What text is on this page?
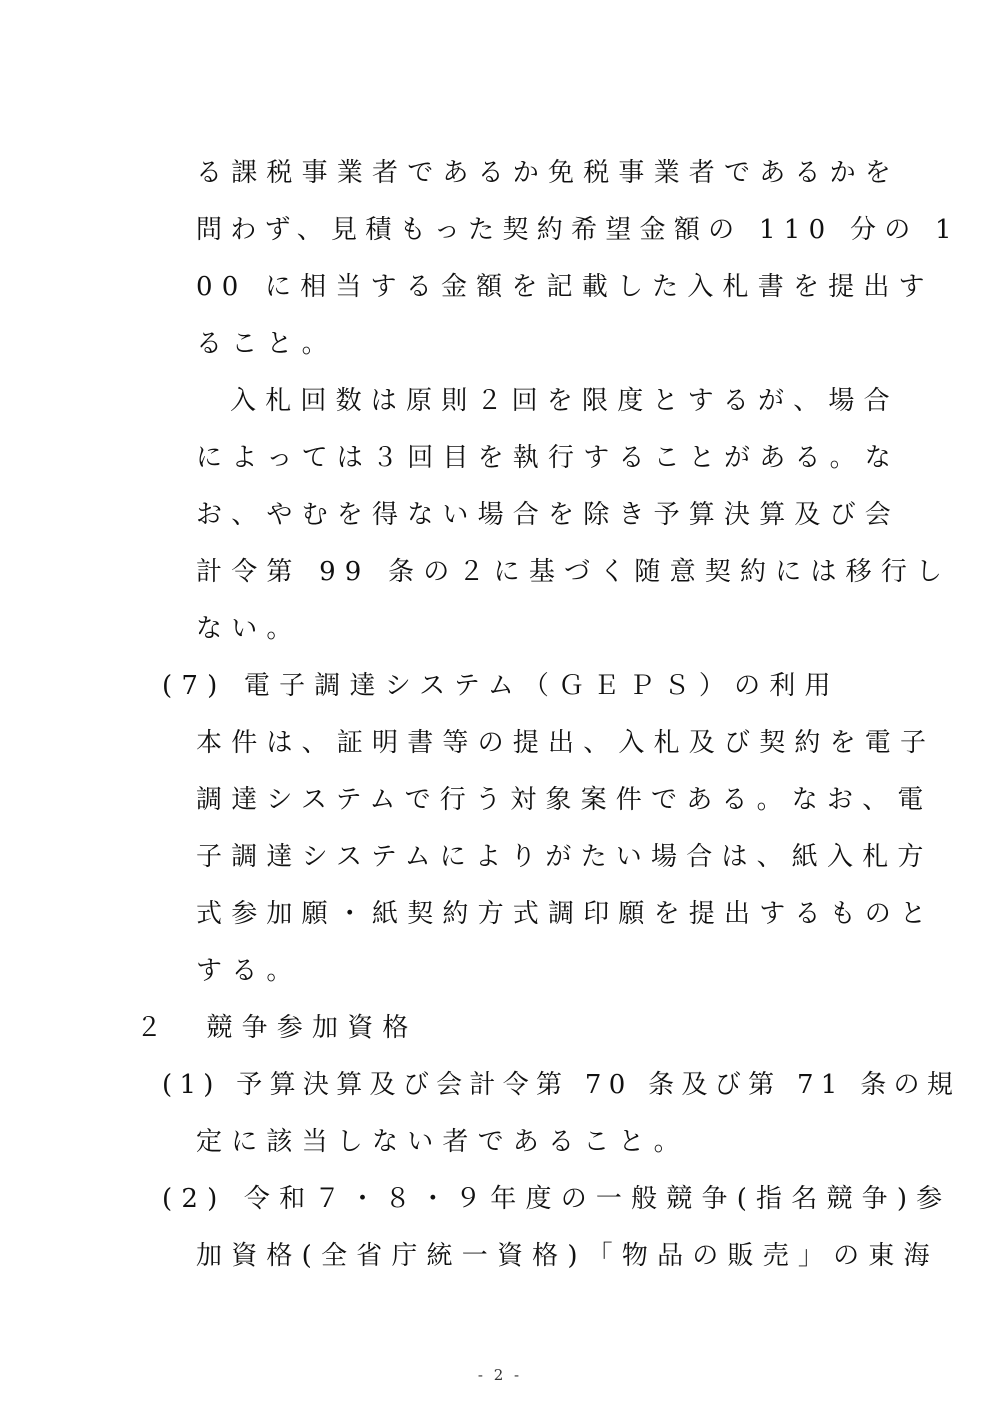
る課税事業者であるか免税事業者であるかを
問わず、見積もった契約希望金額の 110 分の 1
00 に相当する金額を記載した入札書を提出す
ること。
入札回数は原則２回を限度とするが、場合
によっては３回目を執行することがある。な
お、やむを得ない場合を除き予算決算及び会
計令第 99 条の２に基づく随意契約には移行し
ない。
(7) 電子調達システム（ＧＥＰＳ）の利用
本件は、証明書等の提出、入札及び契約を電子
調達システムで行う対象案件である。なお、電
子調達システムによりがたい場合は、紙入札方
式参加願・紙契約方式調印願を提出するものと
する。
２　競争参加資格
(1) 予算決算及び会計令第 70 条及び第 71 条の規
定に該当しない者であること。
(2) 令和７・８・９年度の一般競争(指名競争)参
加資格(全省庁統一資格)「物品の販売」の東海
- 2 -
